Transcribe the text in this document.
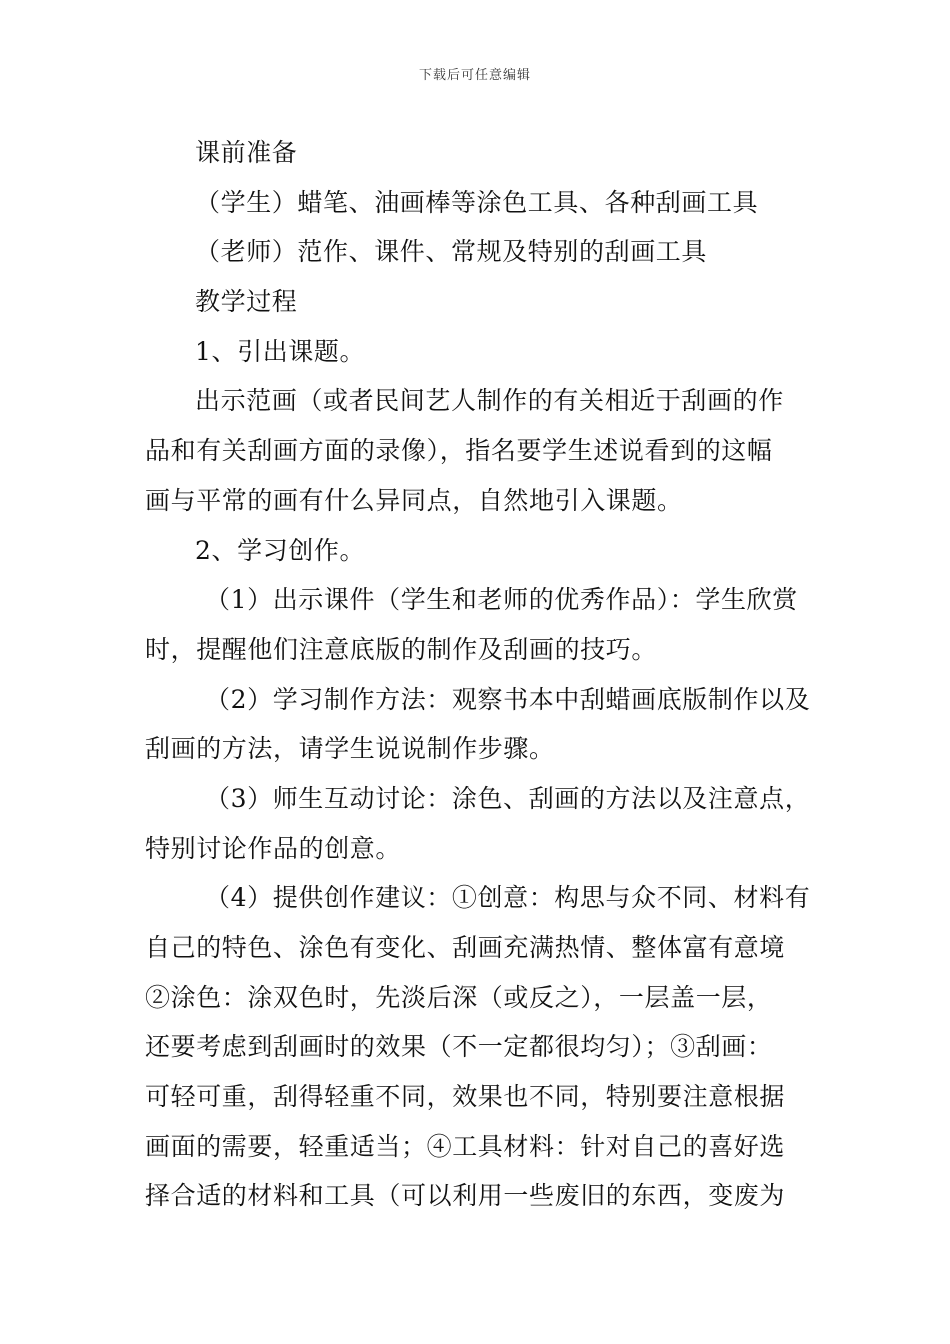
下载后可任意编辑
课前准备
（学生）蜡笔、油画棒等涂色工具、各种刮画工具
（老师）范作、课件、常规及特别的刮画工具
教学过程
1、引出课题。
出示范画（或者民间艺人制作的有关相近于刮画的作
品和有关刮画方面的录像），指名要学生述说看到的这幅
画与平常的画有什么异同点，自然地引入课题。
2、学习创作。
（1）出示课件（学生和老师的优秀作品）：学生欣赏
时，提醒他们注意底版的制作及刮画的技巧。
（2）学习制作方法：观察书本中刮蜡画底版制作以及
刮画的方法，请学生说说制作步骤。
（3）师生互动讨论：涂色、刮画的方法以及注意点，
特别讨论作品的创意。
（4）提供创作建议：①创意：构思与众不同、材料有
自己的特色、涂色有变化、刮画充满热情、整体富有意境
②涂色：涂双色时，先淡后深（或反之），一层盖一层，
还要考虑到刮画时的效果（不一定都很均匀）；③刮画：
可轻可重，刮得轻重不同，效果也不同，特别要注意根据
画面的需要，轻重适当；④工具材料：针对自己的喜好选
择合适的材料和工具（可以利用一些废旧的东西，变废为
